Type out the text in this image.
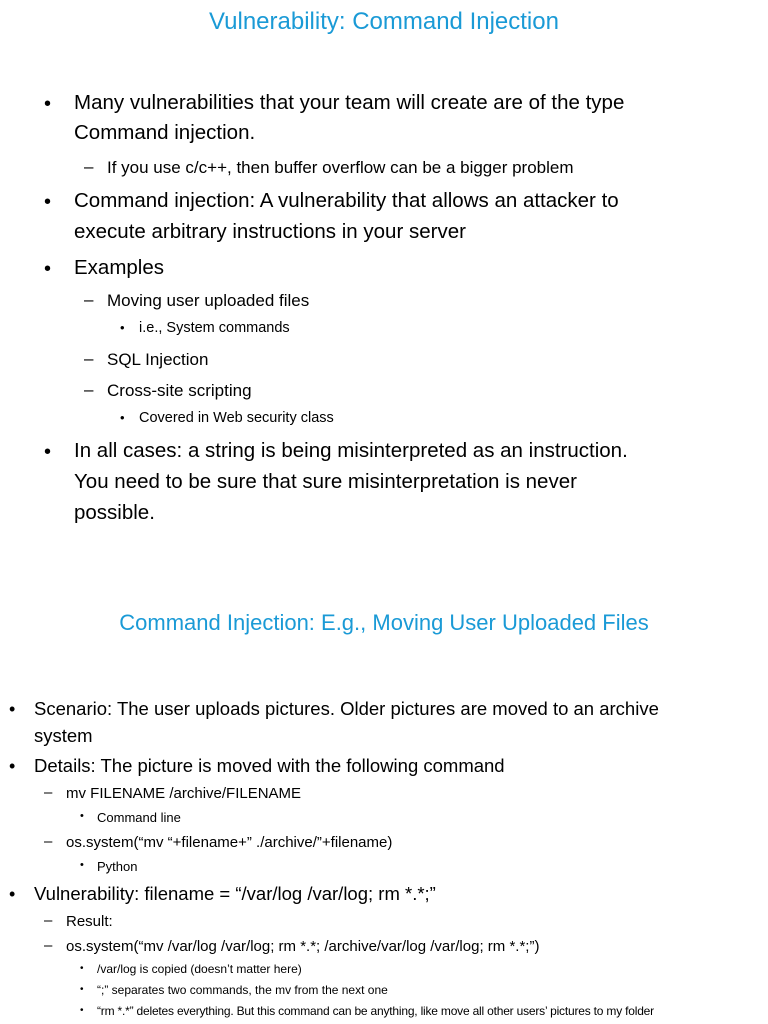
Vulnerability: Command Injection
• Many vulnerabilities that your team will create are of the type
Command injection.
– If you use c/c++, then buffer overflow can be a bigger problem
• Command injection: A vulnerability that allows an attacker to
execute arbitrary instructions in your server
• Examples
– Moving user uploaded files
• i.e., System commands
– SQL Injection
– Cross-site scripting
• Covered in Web security class
• In all cases: a string is being misinterpreted as an instruction.
You need to be sure that sure misinterpretation is never
possible.
Command Injection: E.g., Moving User Uploaded Files
• Scenario: The user uploads pictures. Older pictures are moved to an archive
system
• Details: The picture is moved with the following command
– mv FILENAME /archive/FILENAME
• Command line
– os.system(“mv “+filename+” ./archive/”+filename)
• Python
• Vulnerability: filename = “/var/log /var/log; rm *.*;”
– Result:
– os.system(“mv /var/log /var/log; rm *.*; /archive/var/log /var/log; rm *.*;”)
• /var/log is copied (doesn’t matter here)
• “;” separates two commands, the mv from the next one
• “rm *.*” deletes everything. But this command can be anything, like move all other users’ pictures to my folder
